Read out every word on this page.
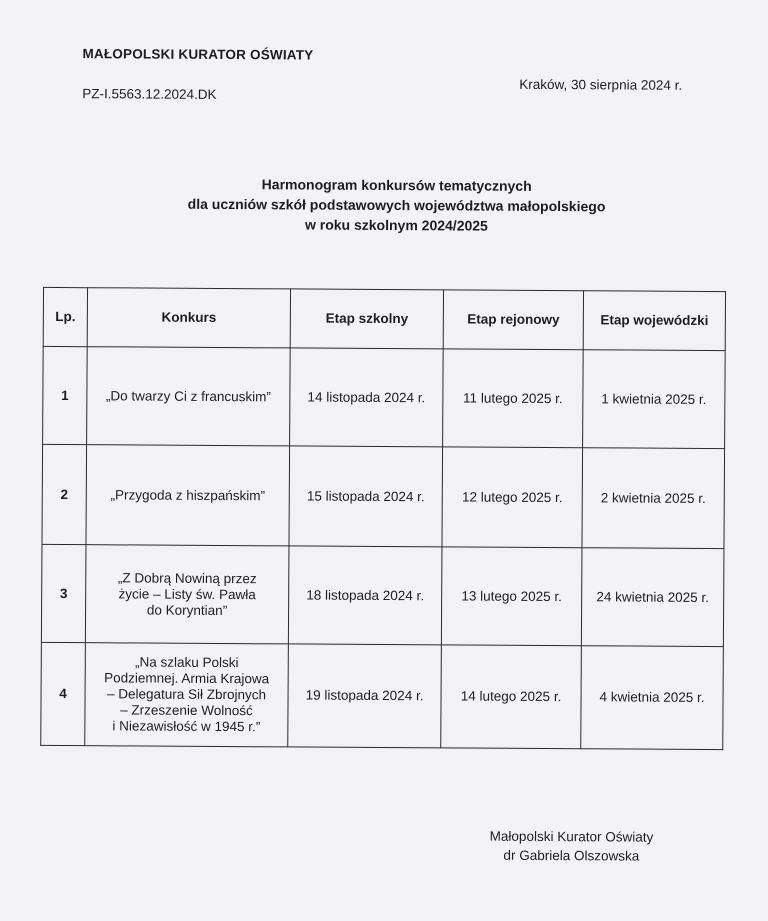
MAŁOPOLSKI KURATOR OŚWIATY
PZ-I.5563.12.2024.DK
Kraków, 30 sierpnia 2024 r.
Harmonogram konkursów tematycznych
dla uczniów szkół podstawowych województwa małopolskiego
w roku szkolnym 2024/2025
Lp.	Konkurs	Etap szkolny	Etap rejonowy	Etap wojewódzki
1	„Do twarzy Ci z francuskim”	14 listopada 2024 r.	11 lutego 2025 r.	1 kwietnia 2025 r.
2	„Przygoda z hiszpańskim”	15 listopada 2024 r.	12 lutego 2025 r.	2 kwietnia 2025 r.
3	„Z Dobrą Nowiną przez
życie – Listy św. Pawła
do Koryntian”	18 listopada 2024 r.	13 lutego 2025 r.	24 kwietnia 2025 r.
4	„Na szlaku Polski
Podziemnej. Armia Krajowa
– Delegatura Sił Zbrojnych
– Zrzeszenie Wolność
i Niezawisłość w 1945 r.”	19 listopada 2024 r.	14 lutego 2025 r.	4 kwietnia 2025 r.
Małopolski Kurator Oświaty
dr Gabriela Olszowska
